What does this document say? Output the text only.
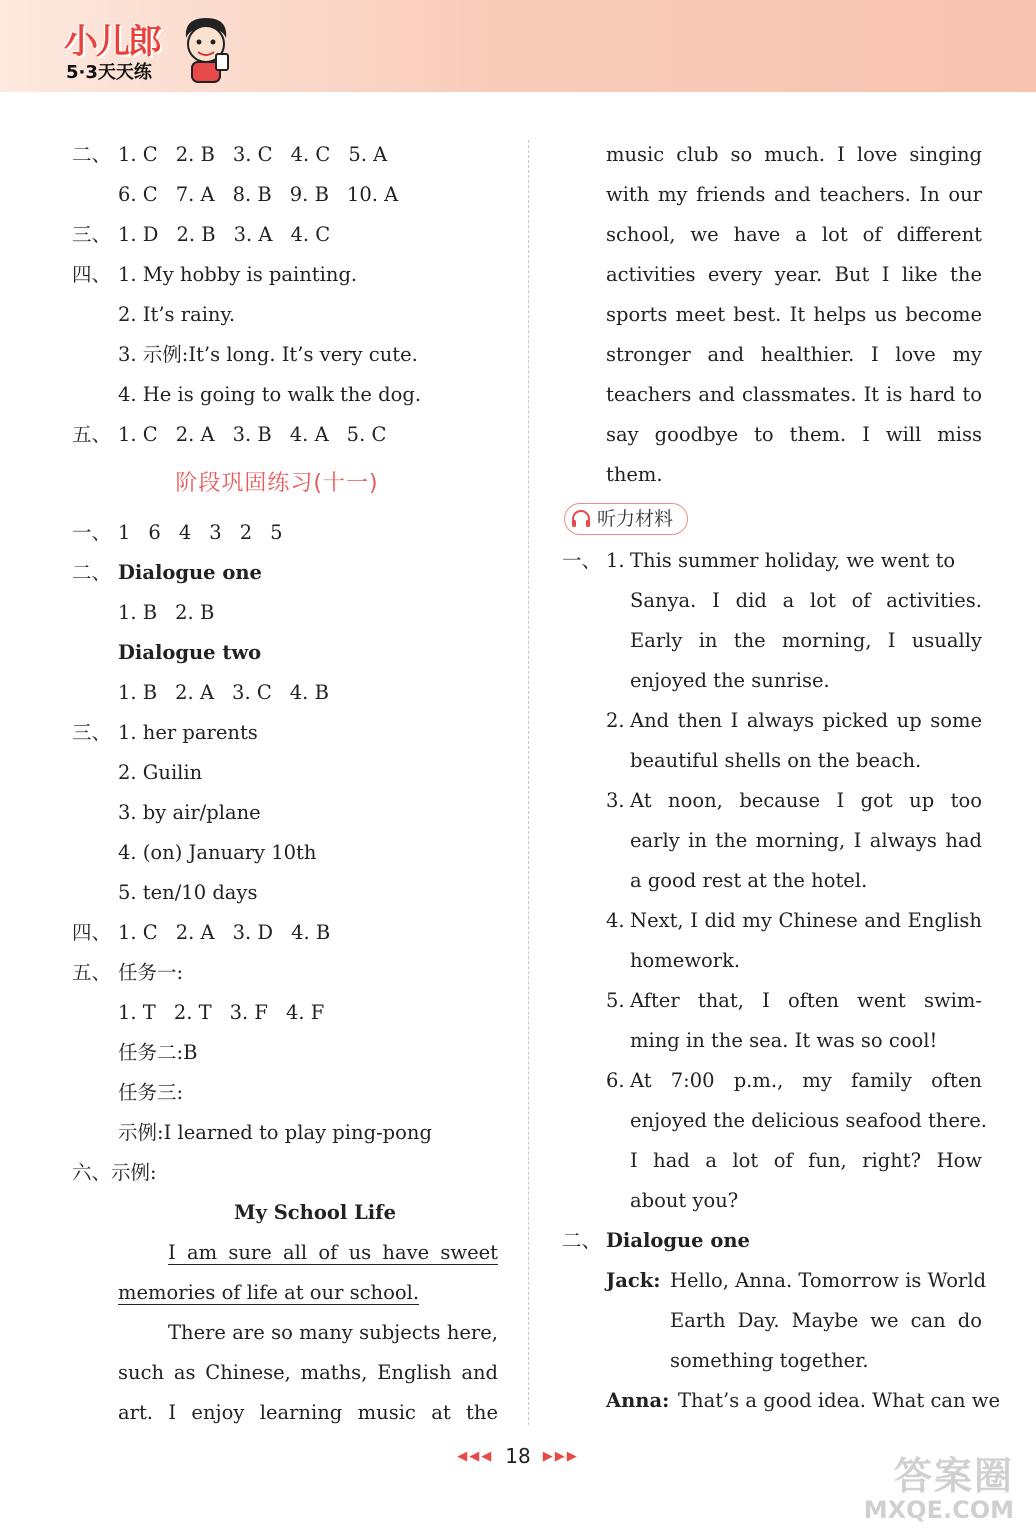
小儿郎
5·3天天练
二、 1. C 2. B 3. C 4. C 5. A
6. C 7. A 8. B 9. B 10. A
三、 1. D 2. B 3. A 4. C
四、 1. My hobby is painting.
2. It’s rainy.
3. 示例:It’s long. It’s very cute.
4. He is going to walk the dog.
五、 1. C 2. A 3. B 4. A 5. C
阶段巩固练习(十一)
一、 1 6 4 3 2 5
二、 Dialogue one
1. B 2. B
Dialogue two
1. B 2. A 3. C 4. B
三、 1. her parents
2. Guilin
3. by air/plane
4. (on) January 10th
5. ten/10 days
四、 1. C 2. A 3. D 4. B
五、 任务一:
1. T 2. T 3. F 4. F
任务二:B
任务三:
示例:I learned to play ping-pong
六、示例:
My School Life
I am sure all of us have sweet
memories of life at our school.
There are so many subjects here,
such as Chinese, maths, English and
art. I enjoy learning music at the
music club so much. I love singing
with my friends and teachers. In our
school, we have a lot of different
activities every year. But I like the
sports meet best. It helps us become
stronger and healthier. I love my
teachers and classmates. It is hard to
say goodbye to them. I will miss
them.
听力材料
一、 1. This summer holiday, we went to
Sanya. I did a lot of activities.
Early in the morning, I usually
enjoyed the sunrise.
2. And then I always picked up some
beautiful shells on the beach.
3. At noon, because I got up too
early in the morning, I always had
a good rest at the hotel.
4. Next, I did my Chinese and English
homework.
5. After that, I often went swim-
ming in the sea. It was so cool!
6. At 7:00 p.m., my family often
enjoyed the delicious seafood there.
I had a lot of fun, right? How
about you?
二、 Dialogue one
Jack: Hello, Anna. Tomorrow is World
Earth Day. Maybe we can do
something together.
Anna: That’s a good idea. What can we
◀◀◀ 18 ▶▶▶	答案圈
MXQE.COM
